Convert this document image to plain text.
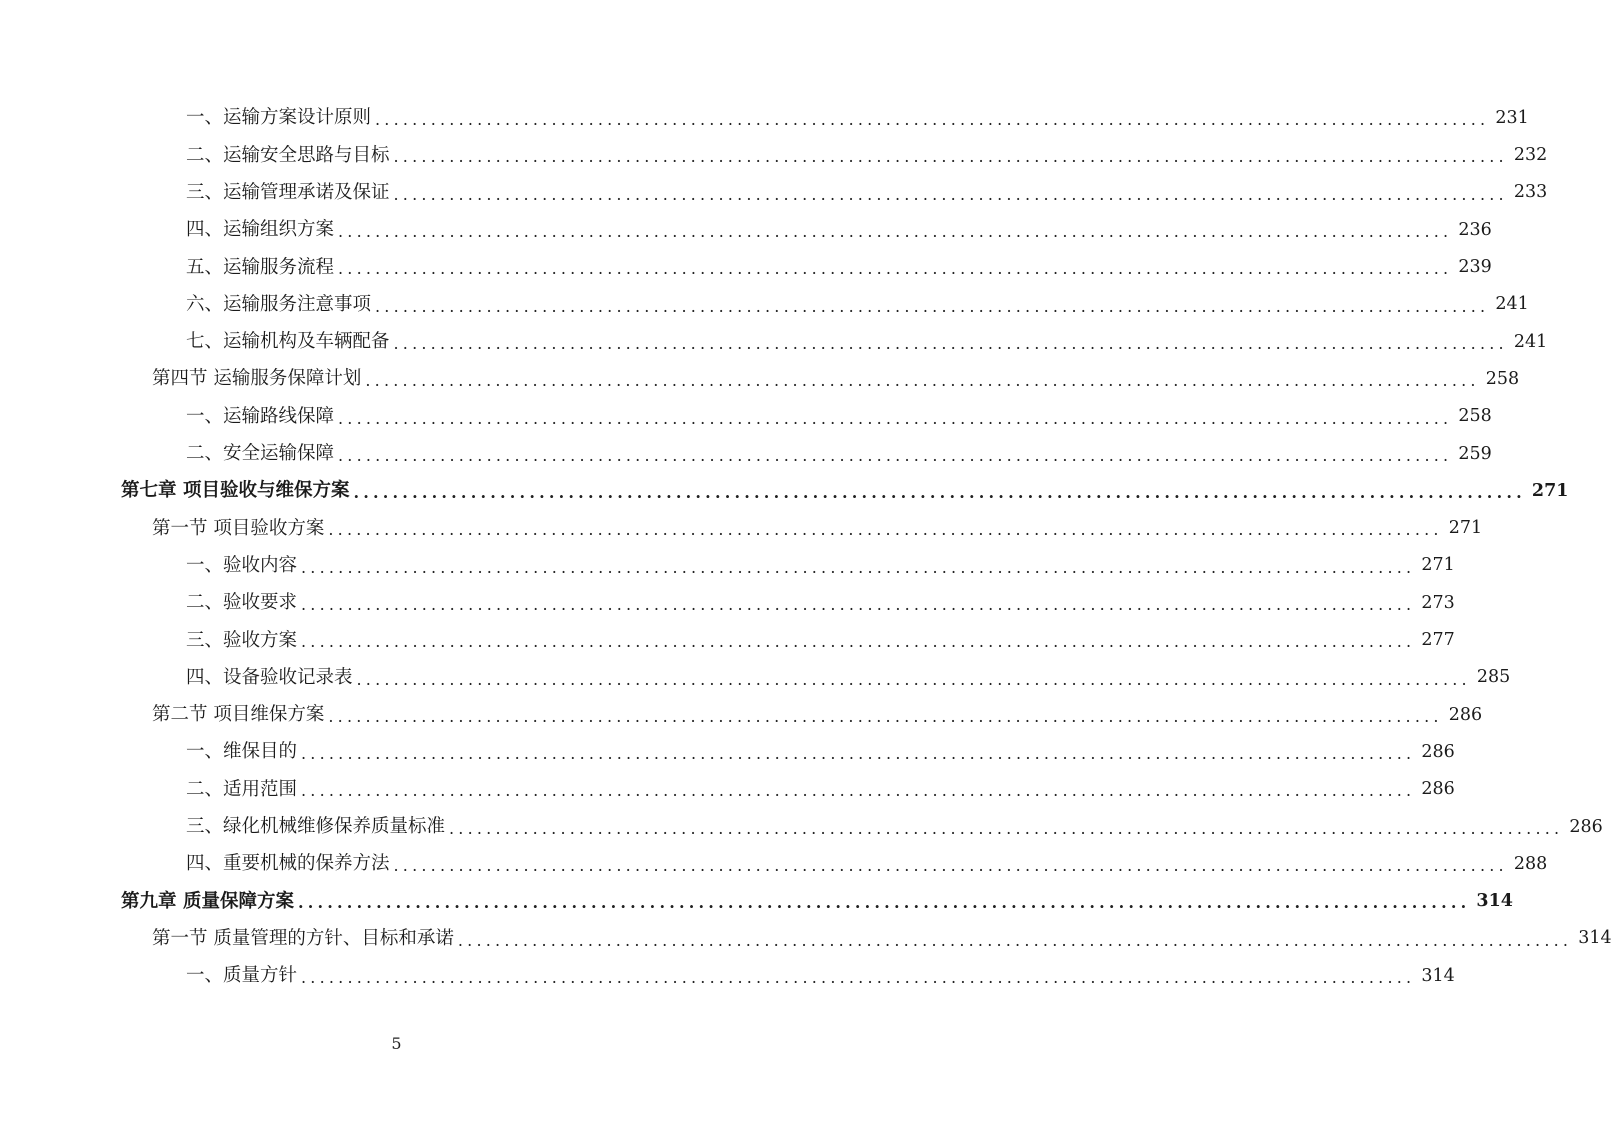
一、运输方案设计原则 ........................................................................................................................ 231
二、运输安全思路与目标 ........................................................................................................................ 232
三、运输管理承诺及保证 ........................................................................................................................ 233
四、运输组织方案 ........................................................................................................................ 236
五、运输服务流程 ........................................................................................................................ 239
六、运输服务注意事项 ........................................................................................................................ 241
七、运输机构及车辆配备 ........................................................................................................................ 241
第四节 运输服务保障计划 ........................................................................................................................ 258
一、运输路线保障 ........................................................................................................................ 258
二、安全运输保障 ........................................................................................................................ 259
第七章 项目验收与维保方案 ........................................................................................................................ 271
第一节 项目验收方案 ........................................................................................................................ 271
一、验收内容 ........................................................................................................................ 271
二、验收要求 ........................................................................................................................ 273
三、验收方案 ........................................................................................................................ 277
四、设备验收记录表 ........................................................................................................................ 285
第二节 项目维保方案 ........................................................................................................................ 286
一、维保目的 ........................................................................................................................ 286
二、适用范围 ........................................................................................................................ 286
三、绿化机械维修保养质量标准 ........................................................................................................................ 286
四、重要机械的保养方法 ........................................................................................................................ 288
第九章 质量保障方案 ........................................................................................................................ 314
第一节 质量管理的方针、目标和承诺 ........................................................................................................................ 314
一、质量方针 ........................................................................................................................ 314
5
